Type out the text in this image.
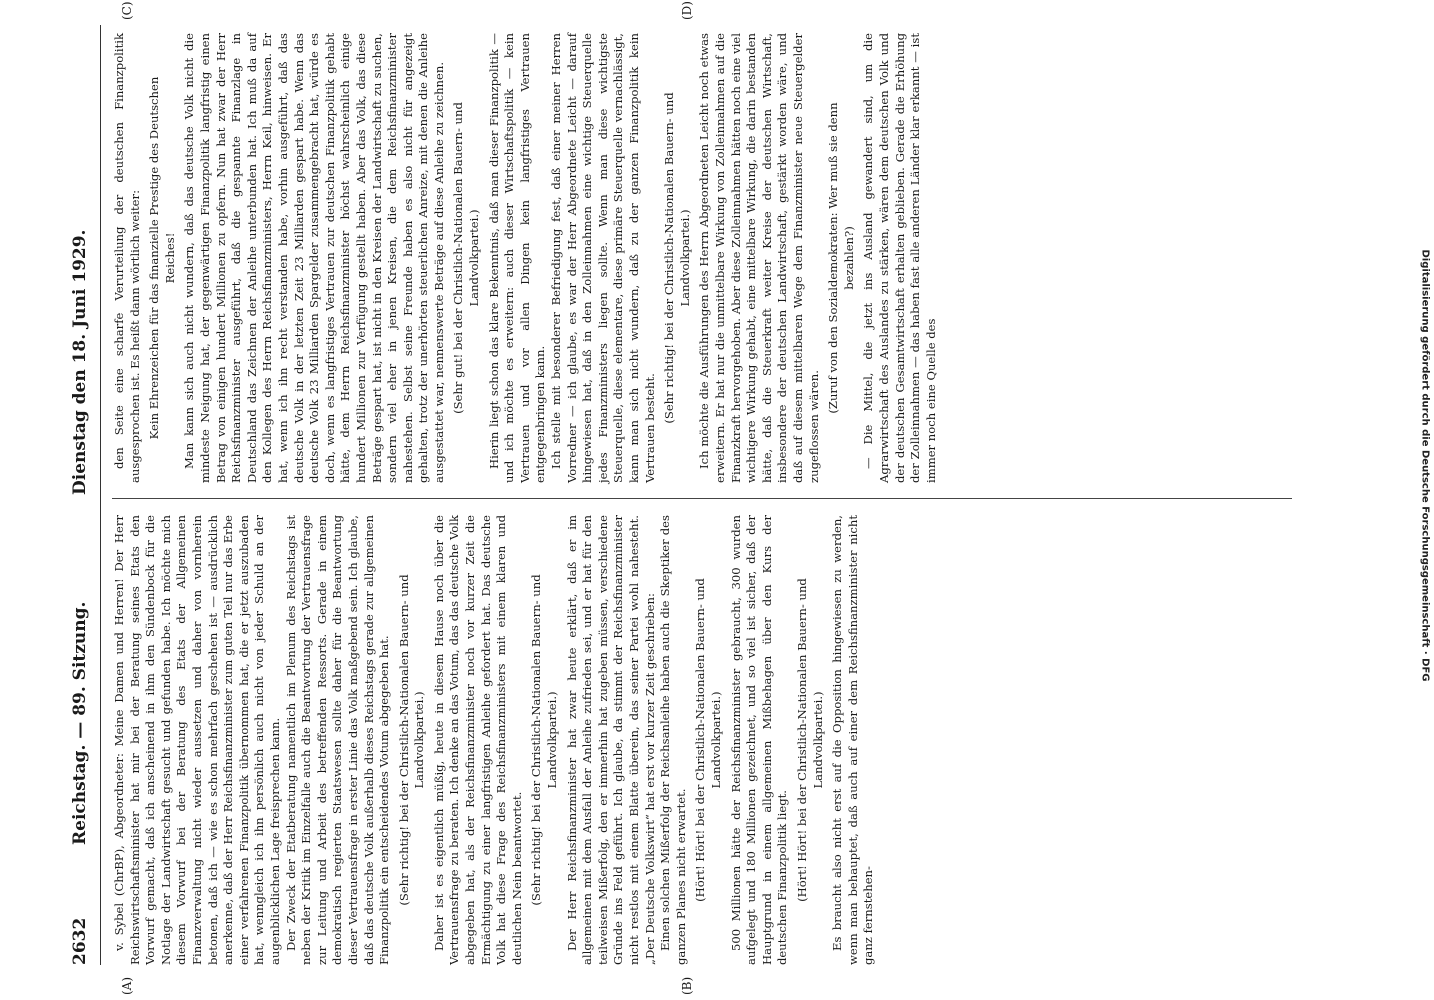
2632
Reichstag. — 89. Sitzung.
Dienstag den 18. Juni 1929.
(A)	(B)
(C)	(D)

v. Sybel (ChrBP), Abgeordneter: Meine Damen und Herren! Der Herr Reichswirtschaftsminister hat mir bei der Beratung seines Etats den Vorwurf gemacht, daß ich anscheinend in ihm den Sündenbock für die Notlage der Landwirtschaft gesucht und gefunden habe. Ich möchte mich diesem Vorwurf bei der Beratung des Etats der Allgemeinen Finanzverwaltung nicht wieder aussetzen und daher von vornherein betonen, daß ich — wie es schon mehrfach geschehen ist — ausdrücklich anerkenne, daß der Herr Reichsfinanzminister zum guten Teil nur das Erbe einer verfahrenen Finanzpolitik übernommen hat, die er jetzt auszubaden hat, wenngleich ich ihn persönlich auch nicht von jeder Schuld an der augenblicklichen Lage freisprechen kann. Der Zweck der Etatberatung namentlich im Plenum des Reichstags ist neben der Kritik im Einzelfalle auch die Beantwortung der Vertrauensfrage zur Leitung und Arbeit des betreffenden Ressorts. Gerade in einem demokratisch regierten Staatswesen sollte daher für die Beantwortung dieser Vertrauensfrage in erster Linie das Volk maßgebend sein. Ich glaube, daß das deutsche Volk außerhalb dieses Reichstags gerade zur allgemeinen Finanzpolitik ein entscheidendes Votum abgegeben hat. (Sehr richtig! bei der Christlich-Nationalen Bauern- und Landvolkpartei.) Daher ist es eigentlich müßig, heute in diesem Hause noch über die Vertrauensfrage zu beraten. Ich denke an das Votum, das das deutsche Volk abgegeben hat, als der Reichsfinanzminister noch vor kurzer Zeit die Ermächtigung zu einer langfristigen Anleihe gefordert hat. Das deutsche Volk hat diese Frage des Reichsfinanzministers mit einem klaren und deutlichen Nein beantwortet. (Sehr richtig! bei der Christlich-Nationalen Bauern- und Landvolkpartei.) Der Herr Reichsfinanzminister hat zwar heute erklärt, daß er im allgemeinen mit dem Ausfall der Anleihe zufrieden sei, und er hat für den teilweisen Mißerfolg, den er immerhin hat zugeben müssen, verschiedene Gründe ins Feld geführt. Ich glaube, da stimmt der Reichsfinanzminister nicht restlos mit einem Blatte überein, das seiner Partei wohl nahesteht. „Der Deutsche Volkswirt“ hat erst vor kurzer Zeit geschrieben: Einen solchen Mißerfolg der Reichsanleihe haben auch die Skeptiker des ganzen Planes nicht erwartet. (Hört! Hört! bei der Christlich-Nationalen Bauern- und Landvolkpartei.) 500 Millionen hätte der Reichsfinanzminister gebraucht, 300 wurden aufgelegt und 180 Millionen gezeichnet, und so viel ist sicher, daß der Hauptgrund in einem allgemeinen Mißbehagen über den Kurs der deutschen Finanzpolitik liegt. (Hört! Hört! bei der Christlich-Nationalen Bauern- und Landvolkpartei.) Es braucht also nicht erst auf die Opposition hingewiesen zu werden, wenn man behauptet, daß auch auf einer dem Reichsfinanzminister nicht ganz fernstehen-

den Seite eine scharfe Verurteilung der deutschen Finanzpolitik ausgesprochen ist. Es heißt dann wörtlich weiter: Kein Ehrenzeichen für das finanzielle Prestige des Deutschen Reiches! Man kann sich auch nicht wundern, daß das deutsche Volk nicht die mindeste Neigung hat, der gegenwärtigen Finanzpolitik langfristig einen Betrag von einigen hundert Millionen zu opfern. Nun hat zwar der Herr Reichsfinanzminister ausgeführt, daß die gespannte Finanzlage in Deutschland das Zeichnen der Anleihe unterbunden hat. Ich muß da auf den Kollegen des Herrn Reichsfinanzministers, Herrn Keil, hinweisen. Er hat, wenn ich ihn recht verstanden habe, vorhin ausgeführt, daß das deutsche Volk in der letzten Zeit 23 Milliarden gespart habe. Wenn das deutsche Volk 23 Milliarden Spargelder zusammengebracht hat, würde es doch, wenn es langfristiges Vertrauen zur deutschen Finanzpolitik gehabt hätte, dem Herrn Reichsfinanzminister höchst wahrscheinlich einige hundert Millionen zur Verfügung gestellt haben. Aber das Volk, das diese Beträge gespart hat, ist nicht in den Kreisen der Landwirtschaft zu suchen, sondern viel eher in jenen Kreisen, die dem Reichsfinanzminister nahestehen. Selbst seine Freunde haben es also nicht für angezeigt gehalten, trotz der unerhörten steuerlichen Anreize, mit denen die Anleihe ausgestattet war, nennenswerte Beträge auf diese Anleihe zu zeichnen. (Sehr gut! bei der Christlich-Nationalen Bauern- und Landvolkpartei.) Hierin liegt schon das klare Bekenntnis, daß man dieser Finanzpolitik — und ich möchte es erweitern: auch dieser Wirtschaftspolitik — kein Vertrauen und vor allen Dingen kein langfristiges Vertrauen entgegenbringen kann. Ich stelle mit besonderer Befriedigung fest, daß einer meiner Herren Vorredner — ich glaube, es war der Herr Abgeordnete Leicht — darauf hingewiesen hat, daß in den Zolleinnahmen eine wichtige Steuerquelle jedes Finanzministers liegen sollte. Wenn man diese wichtigste Steuerquelle, diese elementare, diese primäre Steuerquelle vernachlässigt, kann man sich nicht wundern, daß zu der ganzen Finanzpolitik kein Vertrauen besteht.

(Sehr richtig! bei der Christlich-Nationalen Bauern- und Landvolkpartei.) Ich möchte die Ausführungen des Herrn Abgeordneten Leicht noch etwas erweitern. Er hat nur die unmittelbare Wirkung von Zolleinnahmen auf die Finanzkraft hervorgehoben. Aber diese Zolleinnahmen hätten noch eine viel wichtigere Wirkung gehabt, eine mittelbare Wirkung, die darin bestanden hätte, daß die Steuerkraft weiter Kreise der deutschen Wirtschaft, insbesondere der deutschen Landwirtschaft, gestärkt worden wäre, und daß auf diesem mittelbaren Wege dem Finanzminister neue Steuergelder zugeflossen wären.

(Zuruf von den Sozialdemokraten: Wer muß sie denn bezahlen?) — Die Mittel, die jetzt ins Ausland gewandert sind, um die Agrarwirtschaft des Auslandes zu stärken, wären dem deutschen Volk und der deutschen Gesamtwirtschaft erhalten geblieben. Gerade die Erhöhung der Zolleinnahmen — das haben fast alle anderen Länder klar erkannt — ist immer noch eine Quelle des	Digitalisierung gefördert durch die Deutsche Forschungsgemeinschaft · DFG
